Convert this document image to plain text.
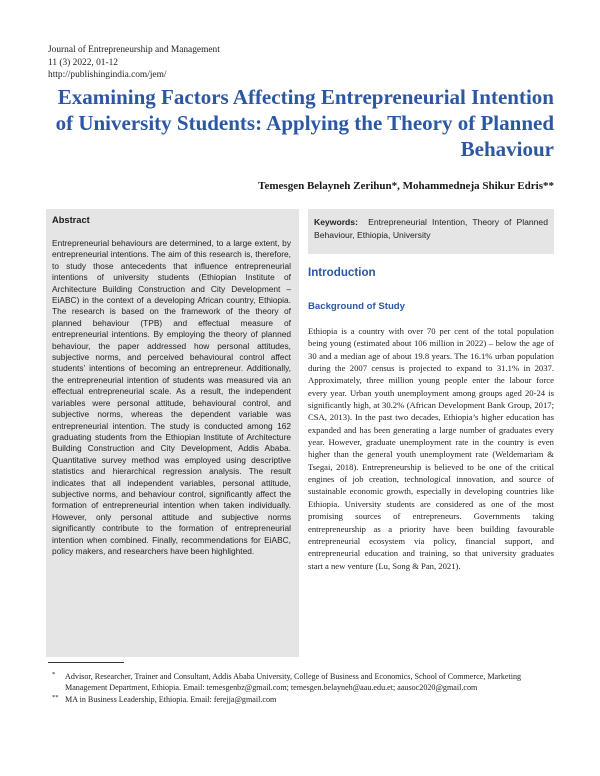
Journal of Entrepreneurship and Management
11 (3) 2022, 01-12
http://publishingindia.com/jem/
Examining Factors Affecting Entrepreneurial Intention of University Students: Applying the Theory of Planned Behaviour
Temesgen Belayneh Zerihun*, Mohammedneja Shikur Edris**
Abstract
Entrepreneurial behaviours are determined, to a large extent, by entrepreneurial intentions. The aim of this research is, therefore, to study those antecedents that influence entrepreneurial intentions of university students (Ethiopian Institute of Architecture Building Construction and City Development – EiABC) in the context of a developing African country, Ethiopia. The research is based on the framework of the theory of planned behaviour (TPB) and effectual measure of entrepreneurial intentions. By employing the theory of planned behaviour, the paper addressed how personal attitudes, subjective norms, and perceived behavioural control affect students’ intentions of becoming an entrepreneur. Additionally, the entrepreneurial intention of students was measured via an effectual entrepreneurial scale. As a result, the independent variables were personal attitude, behavioural control, and subjective norms, whereas the dependent variable was entrepreneurial intention. The study is conducted among 162 graduating students from the Ethiopian Institute of Architecture Building Construction and City Development, Addis Ababa. Quantitative survey method was employed using descriptive statistics and hierarchical regression analysis. The result indicates that all independent variables, personal attitude, subjective norms, and behaviour control, significantly affect the formation of entrepreneurial intention when taken individually. However, only personal attitude and subjective norms significantly contribute to the formation of entrepreneurial intention when combined. Finally, recommendations for EiABC, policy makers, and researchers have been highlighted.
Keywords: Entrepreneurial Intention, Theory of Planned Behaviour, Ethiopia, University
Introduction
Background of Study
Ethiopia is a country with over 70 per cent of the total population being young (estimated about 106 million in 2022) – below the age of 30 and a median age of about 19.8 years. The 16.1% urban population during the 2007 census is projected to expand to 31.1% in 2037. Approximately, three million young people enter the labour force every year. Urban youth unemployment among groups aged 20-24 is significantly high, at 30.2% (African Development Bank Group, 2017; CSA, 2013). In the past two decades, Ethiopia’s higher education has expanded and has been generating a large number of graduates every year. However, graduate unemployment rate in the country is even higher than the general youth unemployment rate (Weldemariam & Tsegai, 2018). Entrepreneurship is believed to be one of the critical engines of job creation, technological innovation, and source of sustainable economic growth, especially in developing countries like Ethiopia. University students are considered as one of the most promising sources of entrepreneurs. Governments taking entrepreneurship as a priority have been building favourable entrepreneurial ecosystem via policy, financial support, and entrepreneurial education and training, so that university graduates start a new venture (Lu, Song & Pan, 2021).
* Advisor, Researcher, Trainer and Consultant, Addis Ababa University, College of Business and Economics, School of Commerce, Marketing Management Department, Ethiopia. Email: temesgenbz@gmail.com; temesgen.belayneh@aau.edu.et; aausoc2020@gmail.com
** MA in Business Leadership, Ethiopia. Email: ferejja@gmail.com
